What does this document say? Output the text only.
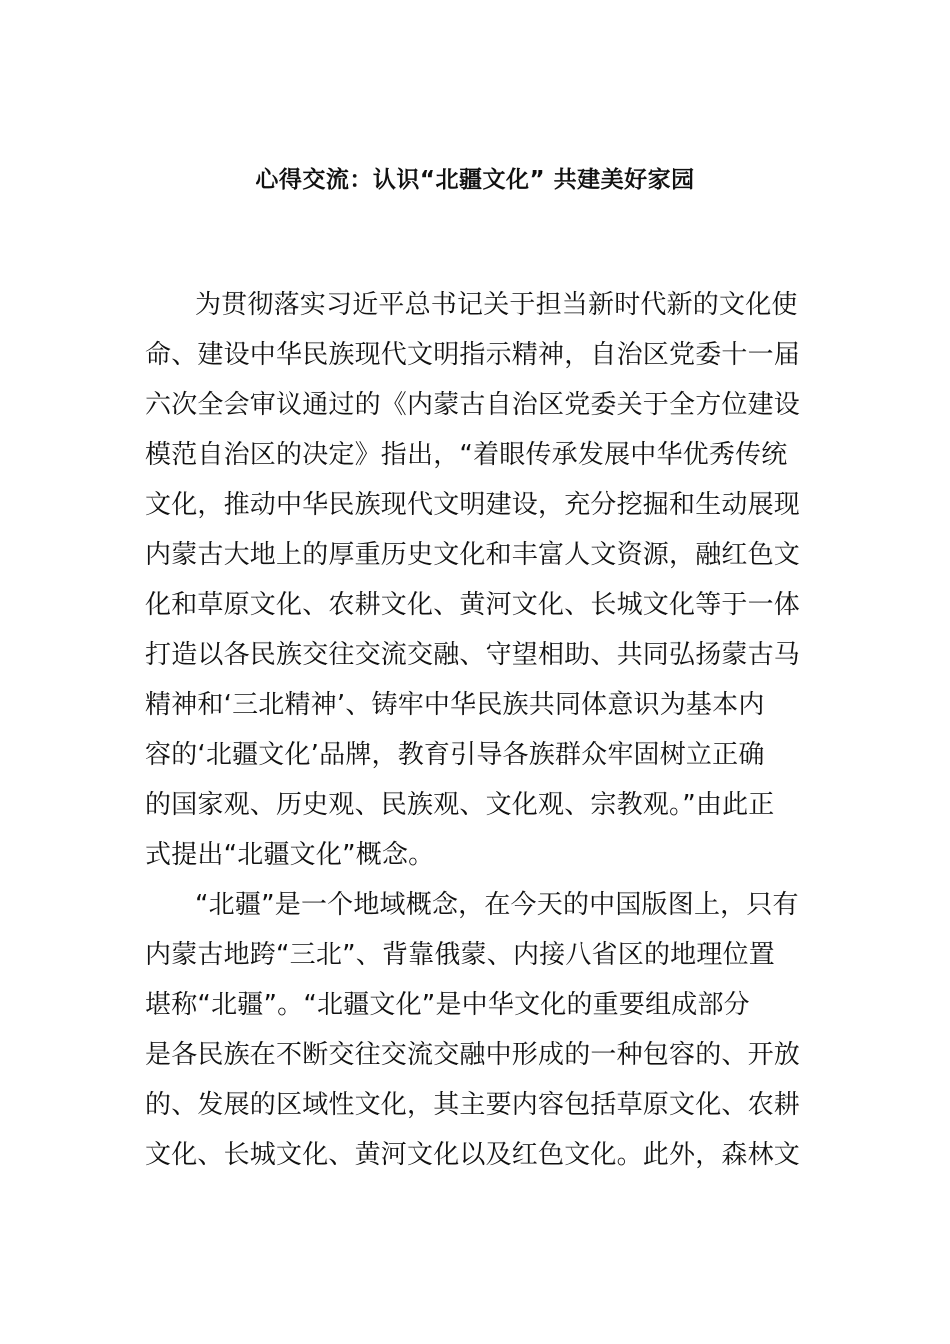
心得交流：认识“北疆文化” 共建美好家园
为贯彻落实习近平总书记关于担当新时代新的文化使
命、建设中华民族现代文明指示精神，自治区党委十一届
六次全会审议通过的《内蒙古自治区党委关于全方位建设
模范自治区的决定》指出，“着眼传承发展中华优秀传统
文化，推动中华民族现代文明建设，充分挖掘和生动展现
内蒙古大地上的厚重历史文化和丰富人文资源，融红色文
化和草原文化、农耕文化、黄河文化、长城文化等于一体
打造以各民族交往交流交融、守望相助、共同弘扬蒙古马
精神和‘三北精神’、铸牢中华民族共同体意识为基本内
容的‘北疆文化’品牌，教育引导各族群众牢固树立正确
的国家观、历史观、民族观、文化观、宗教观。”由此正
式提出“北疆文化”概念。
“北疆”是一个地域概念，在今天的中国版图上，只有
内蒙古地跨“三北”、背靠俄蒙、内接八省区的地理位置
堪称“北疆”。“北疆文化”是中华文化的重要组成部分
是各民族在不断交往交流交融中形成的一种包容的、开放
的、发展的区域性文化，其主要内容包括草原文化、农耕
文化、长城文化、黄河文化以及红色文化。此外，森林文
